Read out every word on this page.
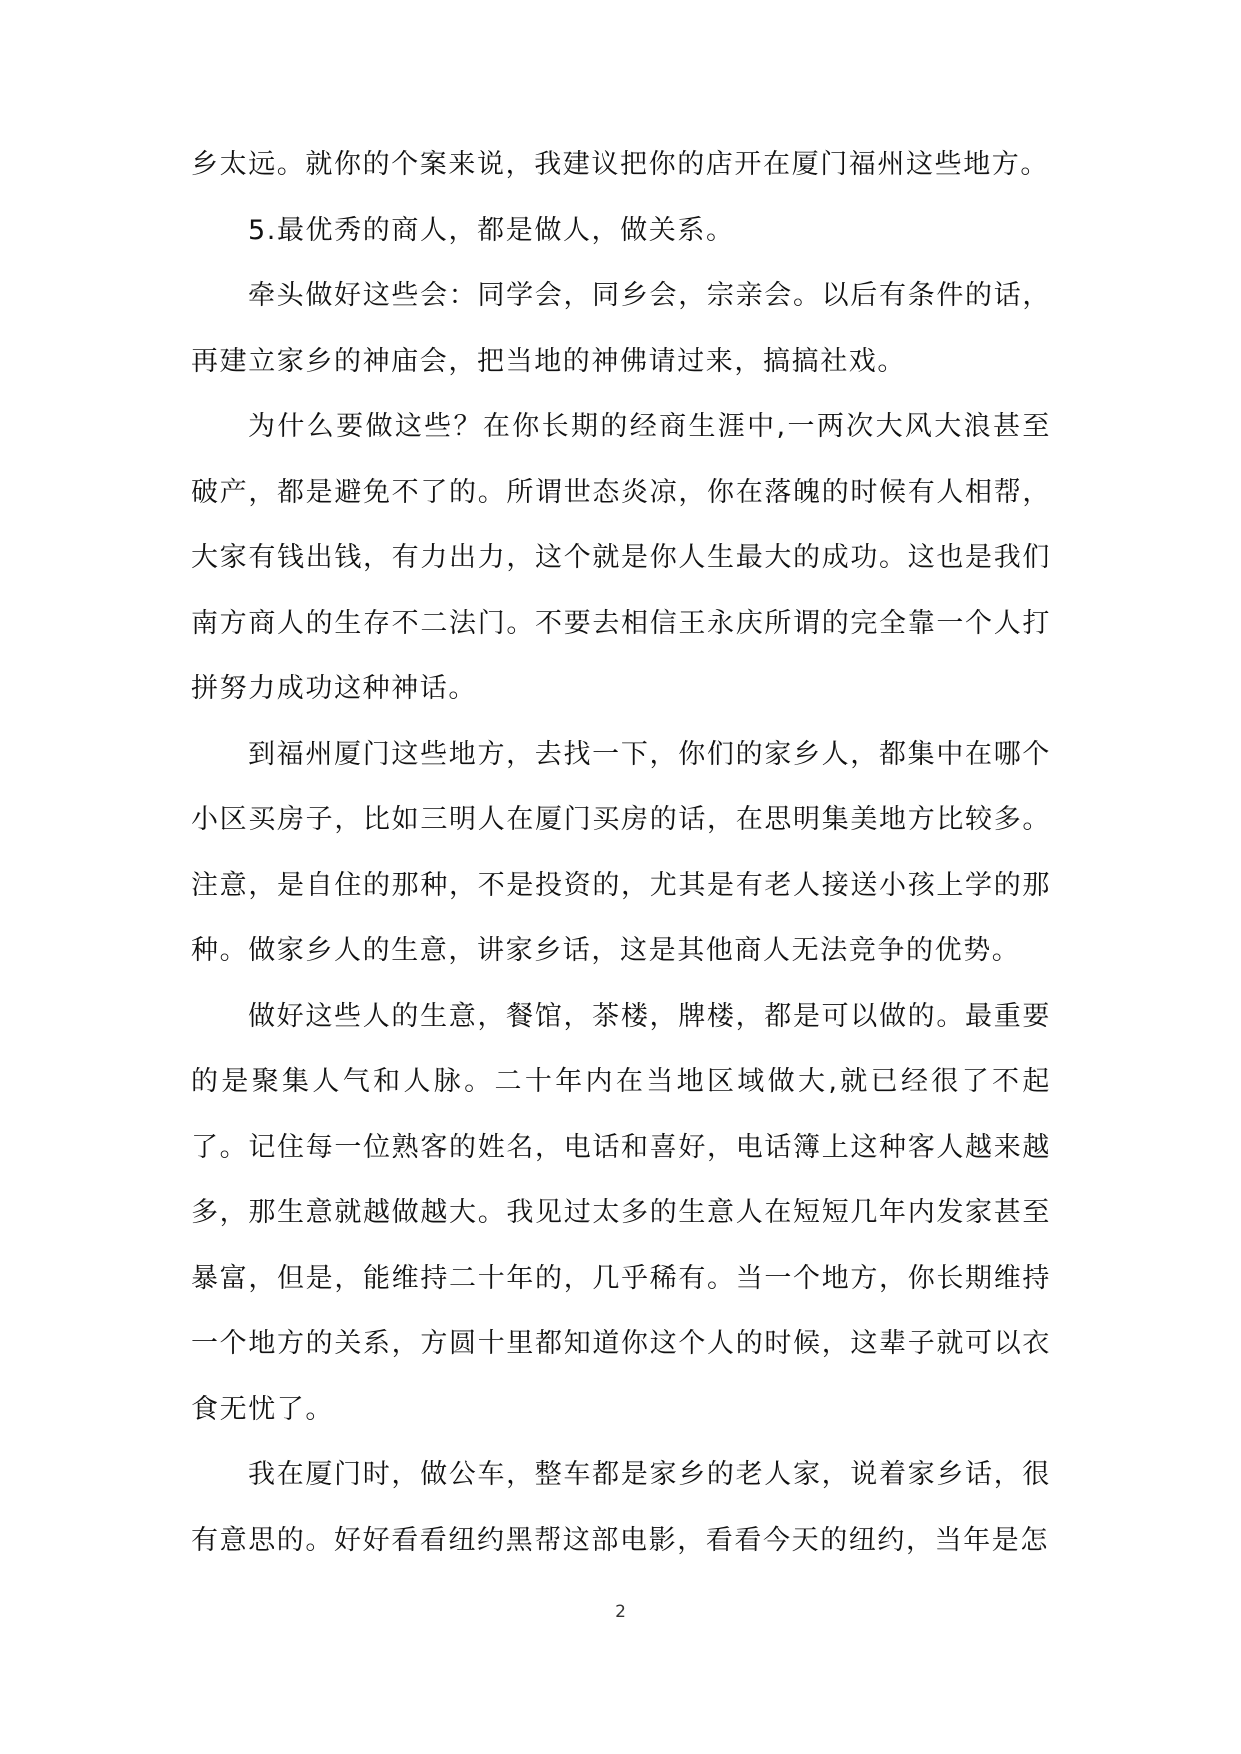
乡太远。就你的个案来说，我建议把你的店开在厦门福州这些地方。

5.最优秀的商人，都是做人，做关系。

牵头做好这些会：同学会，同乡会，宗亲会。以后有条件的话，再建立家乡的神庙会，把当地的神佛请过来，搞搞社戏。

为什么要做这些？在你长期的经商生涯中,一两次大风大浪甚至破产，都是避免不了的。所谓世态炎凉，你在落魄的时候有人相帮，大家有钱出钱，有力出力，这个就是你人生最大的成功。这也是我们南方商人的生存不二法门。不要去相信王永庆所谓的完全靠一个人打拼努力成功这种神话。

到福州厦门这些地方，去找一下，你们的家乡人，都集中在哪个小区买房子，比如三明人在厦门买房的话，在思明集美地方比较多。注意，是自住的那种，不是投资的，尤其是有老人接送小孩上学的那种。做家乡人的生意，讲家乡话，这是其他商人无法竞争的优势。

做好这些人的生意，餐馆，茶楼，牌楼，都是可以做的。最重要的是聚集人气和人脉。二十年内在当地区域做大,就已经很了不起了。记住每一位熟客的姓名，电话和喜好，电话簿上这种客人越来越多，那生意就越做越大。我见过太多的生意人在短短几年内发家甚至暴富，但是，能维持二十年的，几乎稀有。当一个地方，你长期维持一个地方的关系，方圆十里都知道你这个人的时候，这辈子就可以衣食无忧了。

我在厦门时，做公车，整车都是家乡的老人家，说着家乡话，很有意思的。好好看看纽约黑帮这部电影，看看今天的纽约，当年是怎

2
